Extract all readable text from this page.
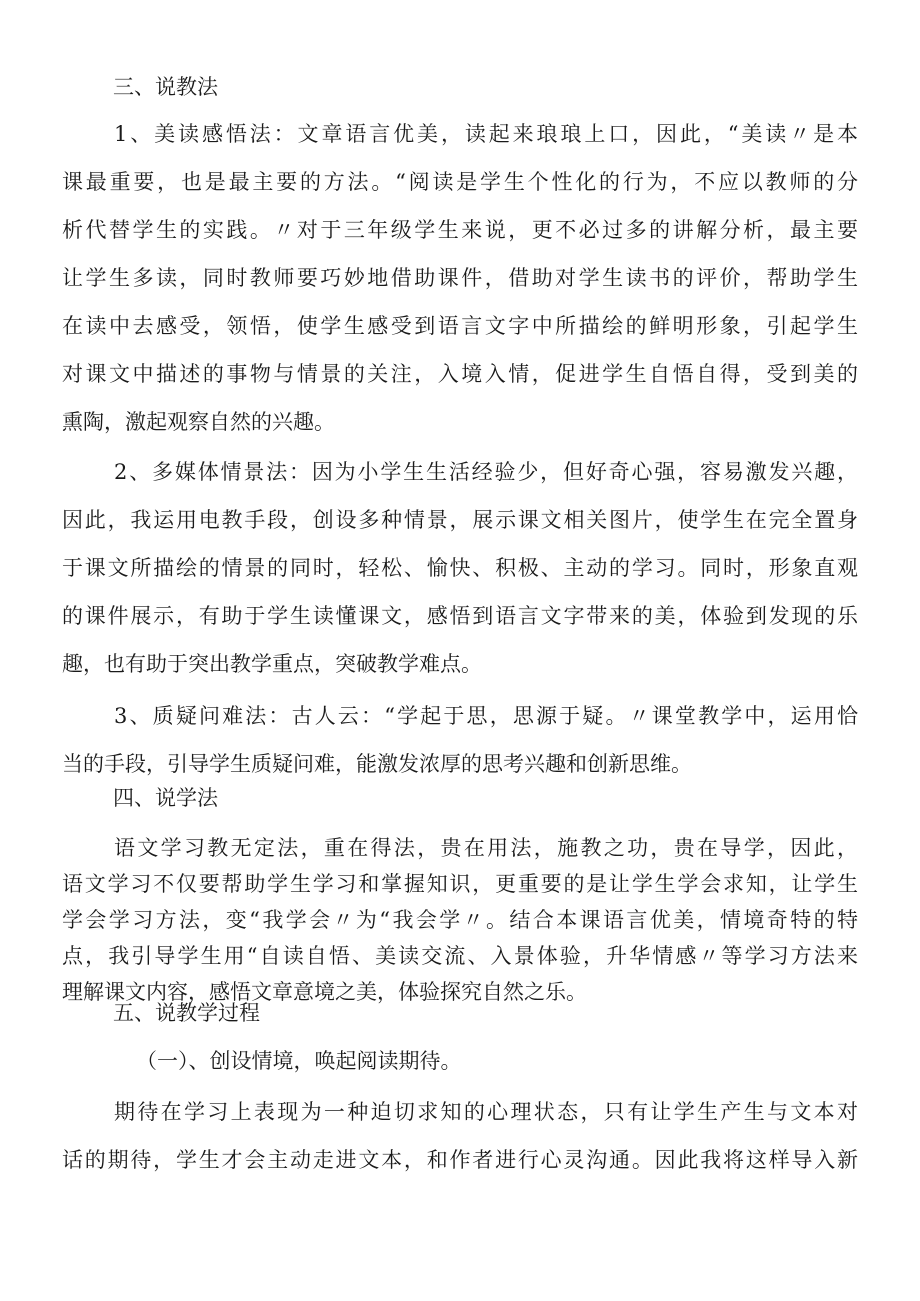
三、说教法
1、美读感悟法：文章语言优美，读起来琅琅上口，因此，“美读〃是本
课最重要，也是最主要的方法。“阅读是学生个性化的行为，不应以教师的分
析代替学生的实践。〃对于三年级学生来说，更不必过多的讲解分析，最主要
让学生多读，同时教师要巧妙地借助课件，借助对学生读书的评价，帮助学生
在读中去感受，领悟，使学生感受到语言文字中所描绘的鲜明形象，引起学生
对课文中描述的事物与情景的关注，入境入情，促进学生自悟自得，受到美的
熏陶，激起观察自然的兴趣。
2、多媒体情景法：因为小学生生活经验少，但好奇心强，容易激发兴趣，
因此，我运用电教手段，创设多种情景，展示课文相关图片，使学生在完全置身
于课文所描绘的情景的同时，轻松、愉快、积极、主动的学习。同时，形象直观
的课件展示，有助于学生读懂课文，感悟到语言文字带来的美，体验到发现的乐
趣，也有助于突出教学重点，突破教学难点。
3、质疑问难法：古人云：“学起于思，思源于疑。〃课堂教学中，运用恰
当的手段，引导学生质疑问难，能激发浓厚的思考兴趣和创新思维。
四、说学法
语文学习教无定法，重在得法，贵在用法，施教之功，贵在导学，因此，
语文学习不仅要帮助学生学习和掌握知识，更重要的是让学生学会求知，让学生
学会学习方法，变“我学会〃为“我会学〃。结合本课语言优美，情境奇特的特
点，我引导学生用“自读自悟、美读交流、入景体验，升华情感〃等学习方法来
理解课文内容，感悟文章意境之美，体验探究自然之乐。
五、说教学过程
（一）、创设情境，唤起阅读期待。
期待在学习上表现为一种迫切求知的心理状态，只有让学生产生与文本对
话的期待，学生才会主动走进文本，和作者进行心灵沟通。因此我将这样导入新
